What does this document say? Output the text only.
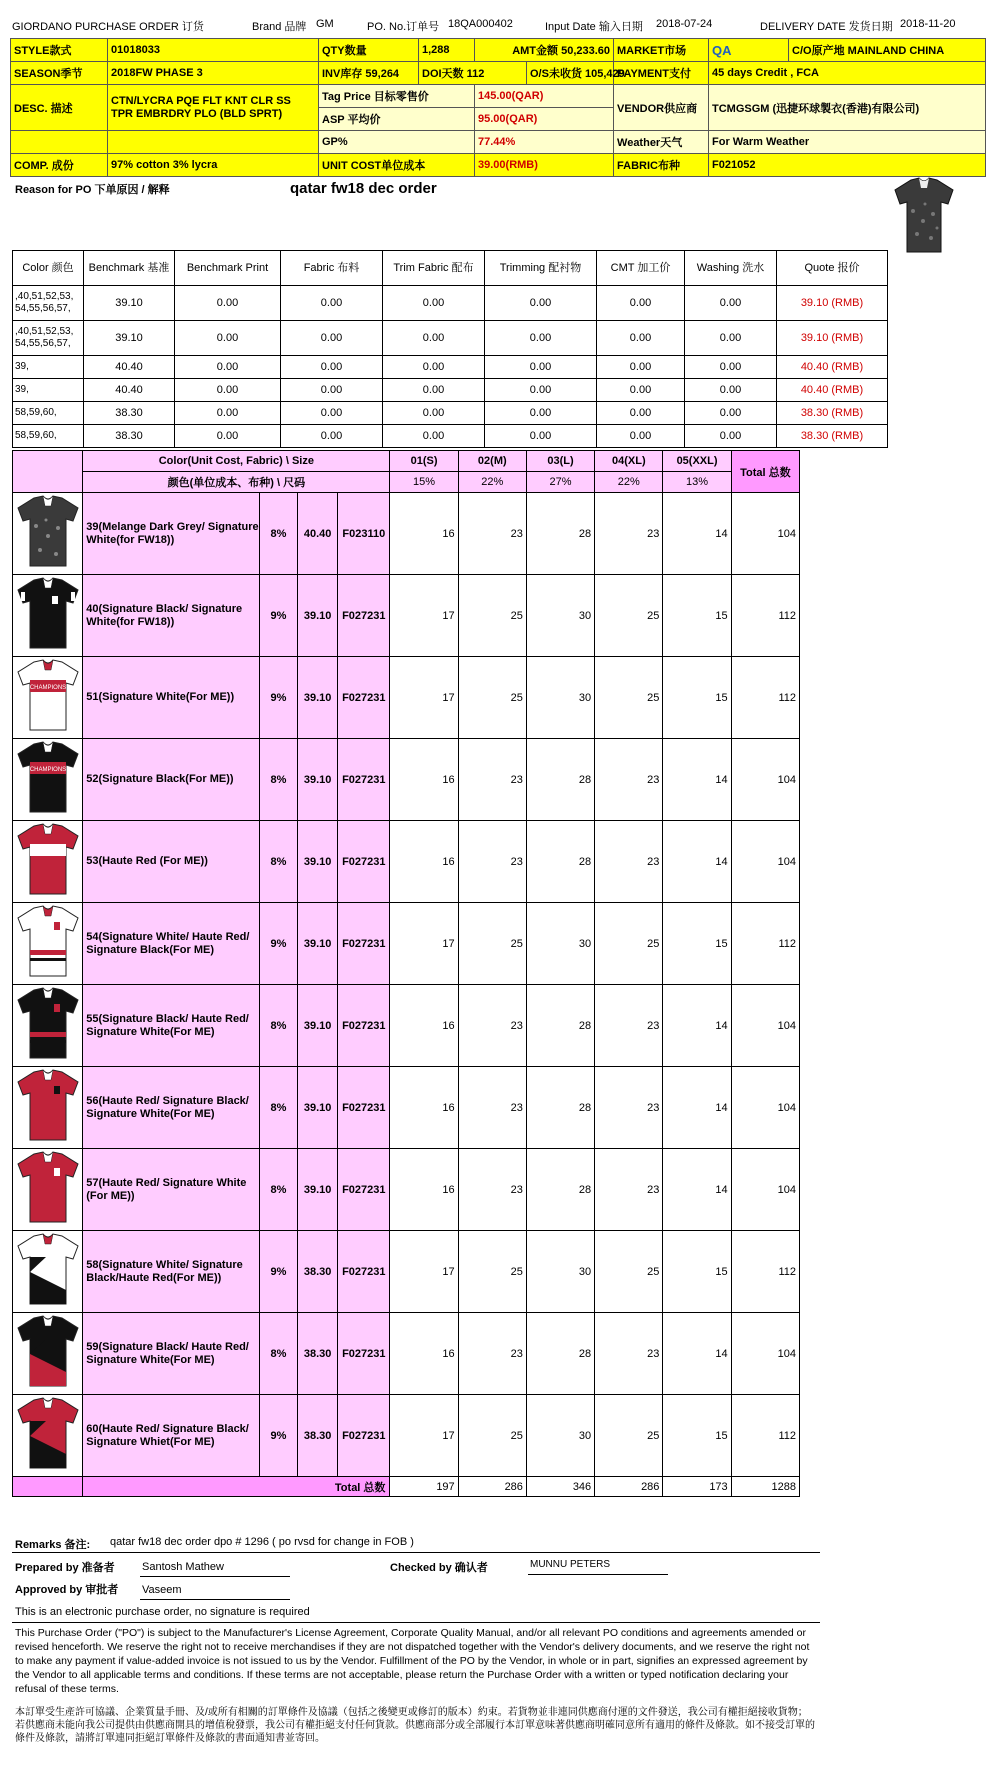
GIORDANO PURCHASE ORDER 订货	Brand 品牌 GM	PO. No.订单号 18QA000402	Input Date 输入日期 2018-07-24	DELIVERY DATE 发货日期 2018-11-20
STYLE款式	01018033	QTY数量	1,288	AMT金额 50,233.60		MARKET市场	QA	C/O原产地 MAINLAND CHINA
SEASON季节	2018FW PHASE 3	INV库存 59,264	DOI天数 112		O/S未收货 105,429	PAYMENT支付	45 days Credit , FCA	
DESC. 描述	CTN/LYCRA PQE FLT KNT CLR SS TPR EMBRDRY PLO (BLD SPRT)	Tag Price 目标零售价		145.00(QAR)		VENDOR供应商	TCMGSGM (迅捷环球製衣(香港)有限公司)	
		ASP 平均价		95.00(QAR)				
		GP%		77.44%		Weather天气	For Warm Weather	
COMP. 成份	97% cotton 3% lycra	UNIT COST单位成本		39.00(RMB)		FABRIC布种	F021052	
Reason for PO 下单原因 / 解释	qatar fw18 dec order
Color 颜色	Benchmark 基准	Benchmark Print	Fabric 布料	Trim Fabric 配布	Trimming 配衬物	CMT 加工价	Washing 洗水	Quote 报价
,40,51,52,53, 54,55,56,57,	39.10	0.00	0.00	0.00	0.00	0.00	0.00	39.10 (RMB)
,40,51,52,53, 54,55,56,57,	39.10	0.00	0.00	0.00	0.00	0.00	0.00	39.10 (RMB)
39,	40.40	0.00	0.00	0.00	0.00	0.00	0.00	40.40 (RMB)
39,	40.40	0.00	0.00	0.00	0.00	0.00	0.00	40.40 (RMB)
58,59,60,	38.30	0.00	0.00	0.00	0.00	0.00	0.00	38.30 (RMB)
58,59,60,	38.30	0.00	0.00	0.00	0.00	0.00	0.00	38.30 (RMB)
	Color(Unit Cost, Fabric) \ Size				01(S)	02(M)	03(L)	04(XL)	05(XXL)	Total 总数
	颜色(单位成本、布种) \ 尺码				15%	22%	27%	22%	13%	
	39(Melange Dark Grey/ Signature White(for FW18))	8%	40.40	F023110	16	23	28	23	14	104
	40(Signature Black/ Signature White(for FW18))	9%	39.10	F027231	17	25	30	25	15	112

CHAMPIONS	51(Signature White(For ME))	9%	39.10	F027231	17	25	30	25	15	112

CHAMPIONS	52(Signature Black(For ME))	8%	39.10	F027231	16	23	28	23	14	104

CHAMPIONS	53(Haute Red (For ME))	8%	39.10	F027231	16	23	28	23	14	104
	54(Signature White/ Haute Red/ Signature Black(For ME)	9%	39.10	F027231	17	25	30	25	15	112
	55(Signature Black/ Haute Red/ Signature White(For ME)	8%	39.10	F027231	16	23	28	23	14	104
	56(Haute Red/ Signature Black/ Signature White(For ME)	8%	39.10	F027231	16	23	28	23	14	104
	57(Haute Red/ Signature White (For ME))	8%	39.10	F027231	16	23	28	23	14	104
	58(Signature White/ Signature Black/Haute Red(For ME))	9%	38.30	F027231	17	25	30	25	15	112
	59(Signature Black/ Haute Red/ Signature White(For ME)	8%	38.30	F027231	16	23	28	23	14	104
	60(Haute Red/ Signature Black/ Signature Whiet(For ME)	9%	38.30	F027231	17	25	30	25	15	112
	Total 总数				197	286	346	286	173	1288
Remarks 备注: qatar fw18 dec order dpo # 1296 ( po rvsd for change in FOB )
Prepared by 准备者 Santosh Mathew	Checked by 确认者	MUNNU PETERS
Approved by 审批者 Vaseem
This is an electronic purchase order, no signature is required
This Purchase Order ("PO") is subject to the Manufacturer's License Agreement, Corporate Quality Manual, and/or all relevant PO conditions and agreements amended or revised henceforth. We reserve the right not to receive merchandises if they are not dispatched together with the Vendor's delivery documents, and we reserve the right not to make any payment if value-added invoice is not issued to us by the Vendor. Fulfillment of the PO by the Vendor, in whole or in part, signifies an expressed agreement by the Vendor to all applicable terms and conditions. If these terms are not acceptable, please return the Purchase Order with a written or typed notification declaring your refusal of these terms.
本訂單受生產許可協議、企業質量手冊、及/或所有相關的訂單條件及協議（包括之後變更或修訂的版本）約束。若貨物並非連同供應商付運的文件發送，我公司有權拒絕接收貨物；若供應商未能向我公司提供由供應商開具的增值稅發票，我公司有權拒絕支付任何貨款。供應商部分或全部履行本訂單意味著供應商明確同意所有適用的條件及條款。如不接受訂單的條件及條款，請將訂單連同拒絕訂單條件及條款的書面通知書並寄回。
